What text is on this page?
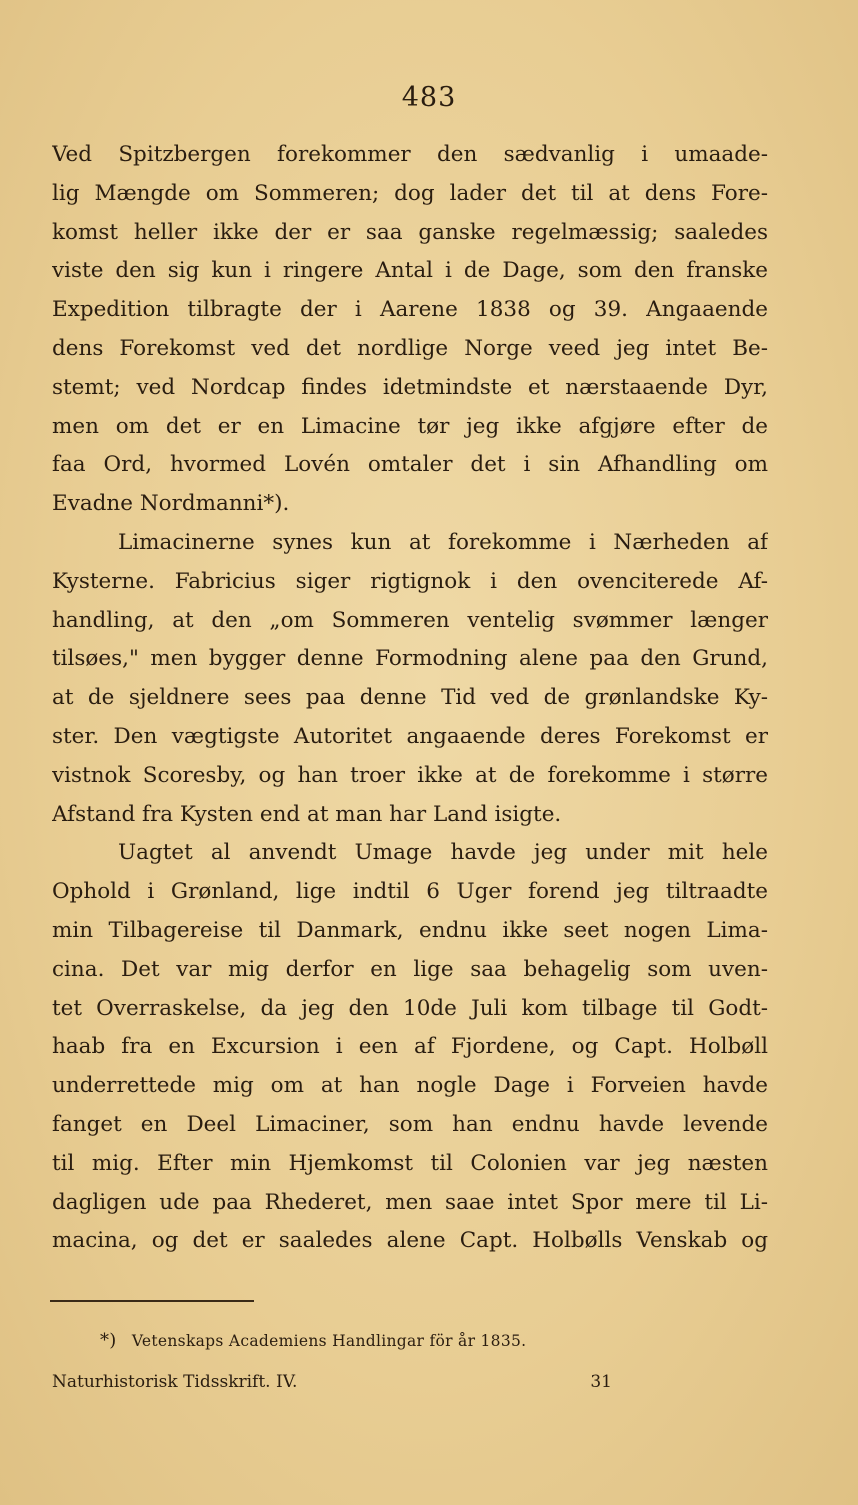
483
Ved Spitzbergen forekommer den sædvanlig i umaade-
lig Mængde om Sommeren; dog lader det til at dens Fore-
komst heller ikke der er saa ganske regelmæssig; saaledes
viste den sig kun i ringere Antal i de Dage, som den franske
Expedition tilbragte der i Aarene 1838 og 39. Angaaende
dens Forekomst ved det nordlige Norge veed jeg intet Be-
stemt; ved Nordcap findes idetmindste et nærstaaende Dyr,
men om det er en Limacine tør jeg ikke afgjøre efter de
faa Ord, hvormed Lovén omtaler det i sin Afhandling om
Evadne Nordmanni*).
Limacinerne synes kun at forekomme i Nærheden af
Kysterne. Fabricius siger rigtignok i den ovenciterede Af-
handling, at den „om Sommeren ventelig svømmer længer
tilsøes," men bygger denne Formodning alene paa den Grund,
at de sjeldnere sees paa denne Tid ved de grønlandske Ky-
ster. Den vægtigste Autoritet angaaende deres Forekomst er
vistnok Scoresby, og han troer ikke at de forekomme i større
Afstand fra Kysten end at man har Land isigte.
Uagtet al anvendt Umage havde jeg under mit hele
Ophold i Grønland, lige indtil 6 Uger forend jeg tiltraadte
min Tilbagereise til Danmark, endnu ikke seet nogen Lima-
cina. Det var mig derfor en lige saa behagelig som uven-
tet Overraskelse, da jeg den 10de Juli kom tilbage til Godt-
haab fra en Excursion i een af Fjordene, og Capt. Holbøll
underrettede mig om at han nogle Dage i Forveien havde
fanget en Deel Limaciner, som han endnu havde levende
til mig. Efter min Hjemkomst til Colonien var jeg næsten
dagligen ude paa Rhederet, men saae intet Spor mere til Li-
macina, og det er saaledes alene Capt. Holbølls Venskab og
*) Vetenskaps Academiens Handlingar för år 1835.
Naturhistorisk Tidsskrift. IV.	31
